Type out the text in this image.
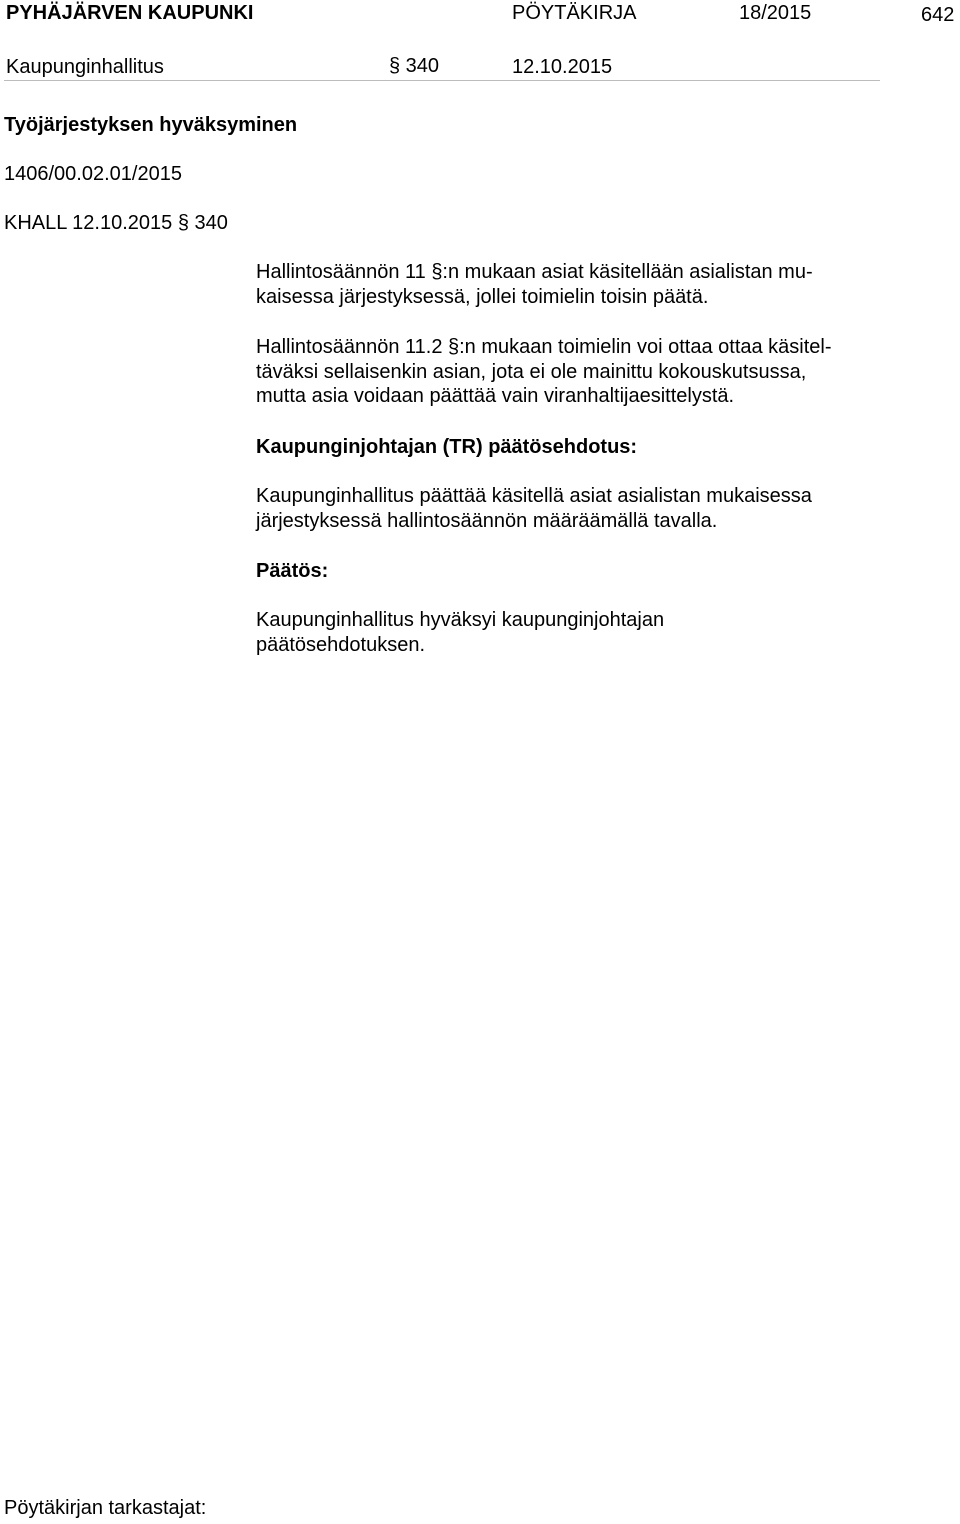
PYHÄJÄRVEN KAUPUNKI	PÖYTÄKIRJA	18/2015	642
Kaupunginhallitus	§ 340	12.10.2015
Työjärjestyksen hyväksyminen
1406/00.02.01/2015
KHALL 12.10.2015 § 340
Hallintosäännön 11 §:n mukaan asiat käsitellään asialistan mu-
kaisessa järjestyksessä, jollei toimielin toisin päätä.
Hallintosäännön 11.2 §:n mukaan toimielin voi ottaa ottaa käsitel-
täväksi sellaisenkin asian, jota ei ole mainittu kokouskutsussa,
mutta asia voidaan päättää vain viranhaltijaesittelystä.
Kaupunginjohtajan (TR) päätösehdotus:
Kaupunginhallitus päättää käsitellä asiat asialistan mukaisessa
järjestyksessä hallintosäännön määräämällä tavalla.
Päätös:
Kaupunginhallitus hyväksyi kaupunginjohtajan
päätösehdotuksen.
Pöytäkirjan tarkastajat:
